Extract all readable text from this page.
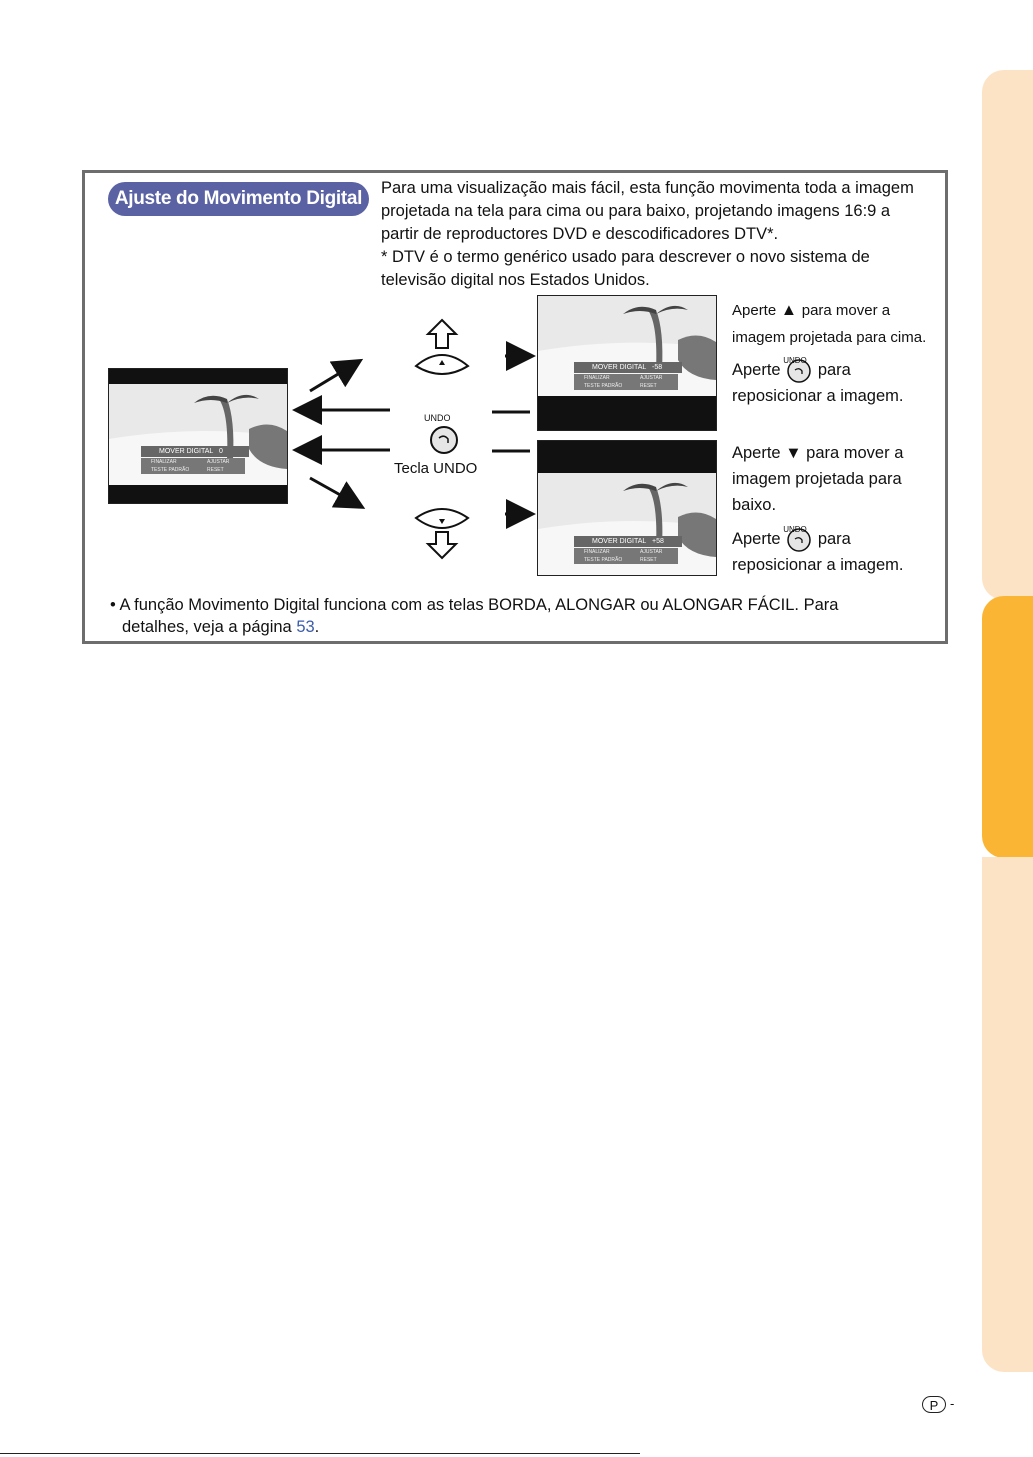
Ajuste do Movimento Digital	Para uma visualização mais fácil, esta função movimenta toda a imagem
projetada na tela para cima ou para baixo, projetando imagens 16:9 a
partir de reproductores DVD e descodificadores DTV*.
* DTV é o termo genérico usado para descrever o novo sistema de
televisão digital nos Estados Unidos.

UNDO
Tecla UNDO
MOVER DIGITAL 0
FINALIZAR	AJUSTAR
TESTE PADRÃO	RESET
MOVER DIGITAL -58
FINALIZAR	AJUSTAR
TESTE PADRÃO	RESET
MOVER DIGITAL +58
FINALIZAR	AJUSTAR
TESTE PADRÃO	RESET

Aperte ▲ para mover a
imagem projetada para cima.

Aperte
UNDO
para
reposicionar a imagem.

Aperte ▼ para mover a
imagem projetada para
baixo.

Aperte
UNDO
para
reposicionar a imagem.

• A função Movimento Digital funciona com as telas BORDA, ALONGAR ou ALONGAR FÁCIL. Para
detalhes, veja a página 53.

P -
